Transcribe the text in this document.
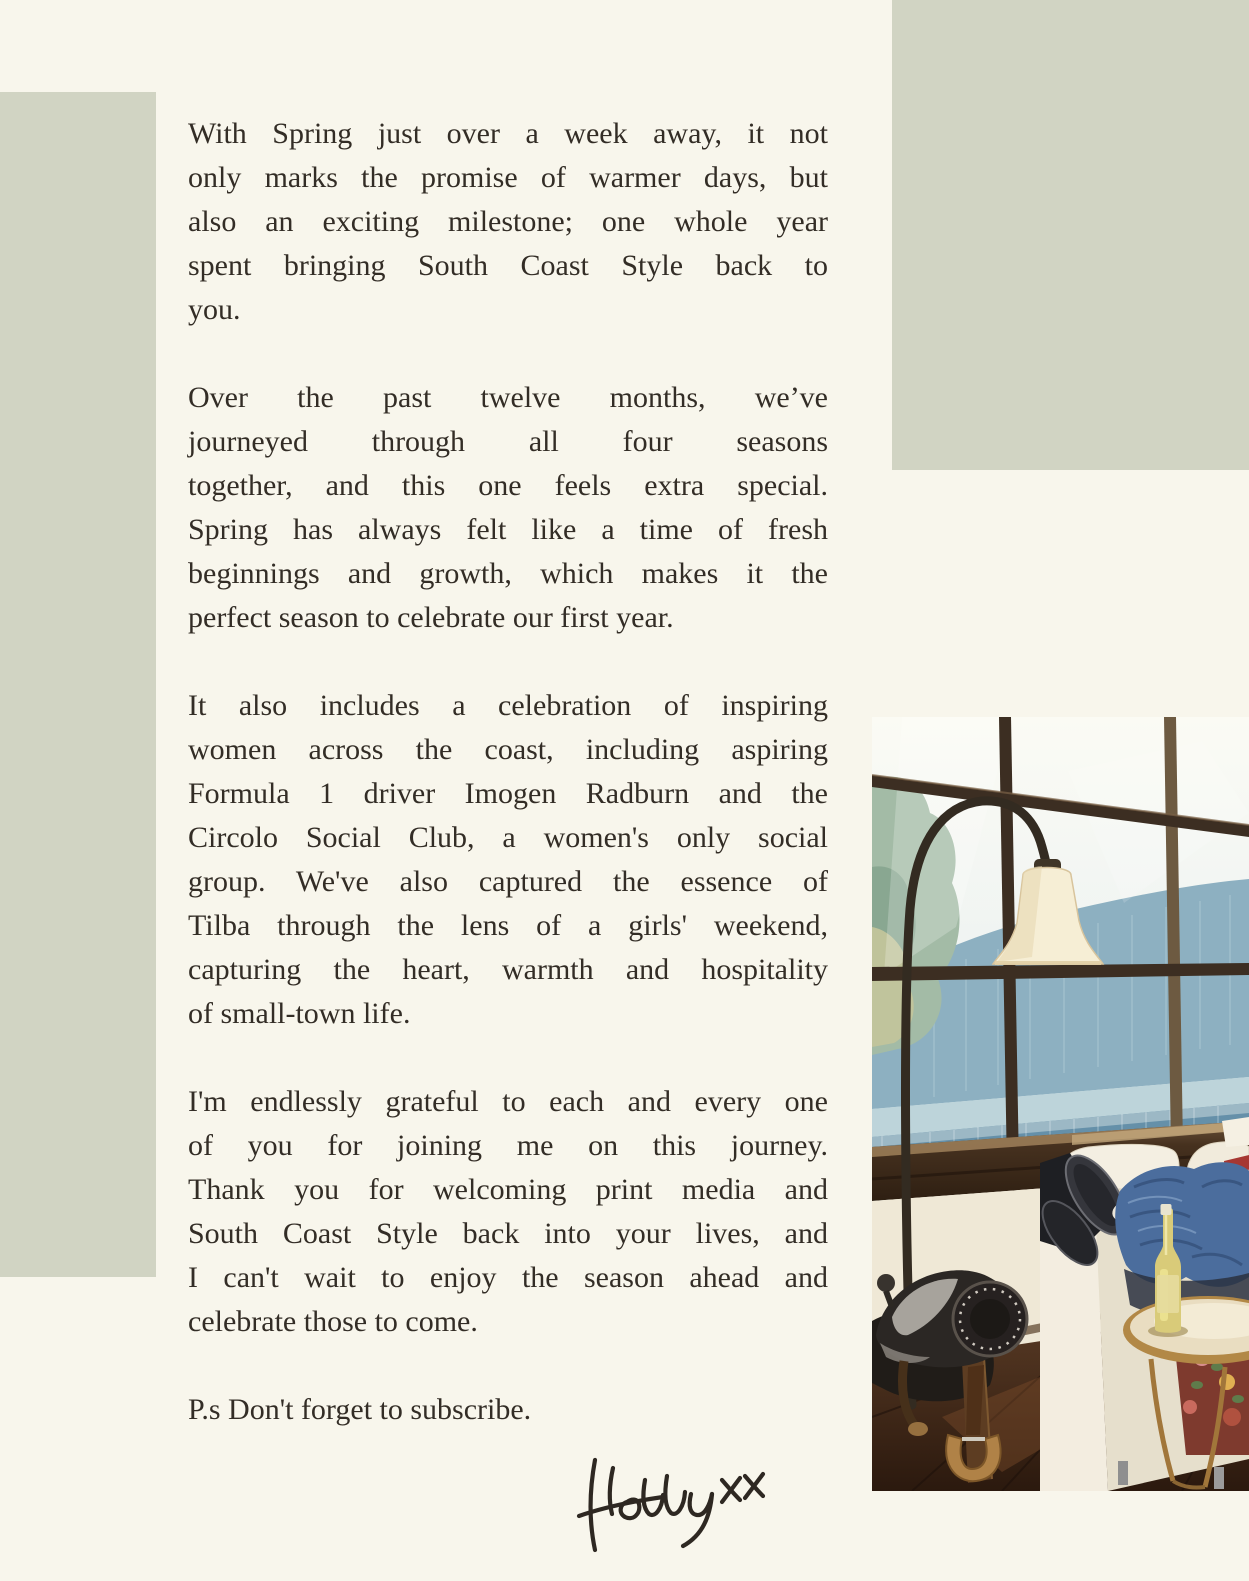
With Spring just over a week away, it not
only marks the promise of warmer days, but
also an exciting milestone; one whole year
spent bringing South Coast Style back to
you.
Over the past twelve months, we’ve
journeyed through all four seasons
together, and this one feels extra special.
Spring has always felt like a time of fresh
beginnings and growth, which makes it the
perfect season to celebrate our first year.
It also includes a celebration of inspiring
women across the coast, including aspiring
Formula 1 driver Imogen Radburn and the
Circolo Social Club, a women's only social
group. We've also captured the essence of
Tilba through the lens of a girls' weekend,
capturing the heart, warmth and hospitality
of small-town life.
I'm endlessly grateful to each and every one
of you for joining me on this journey.
Thank you for welcoming print media and
South Coast Style back into your lives, and
I can't wait to enjoy the season ahead and
celebrate those to come.
P.s Don't forget to subscribe.
